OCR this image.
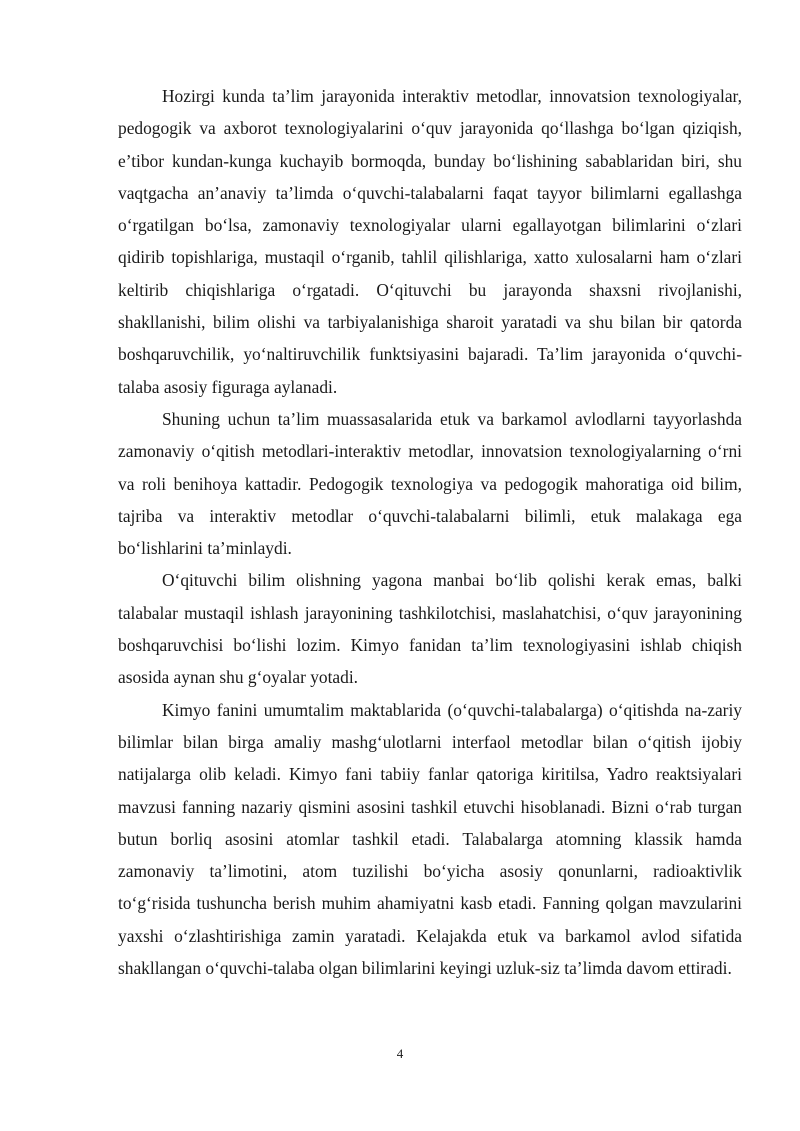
Hozirgi kunda ta’lim jarayonida interaktiv metodlar, innovatsion texnologiyalar, pedogogik va axborot texnologiyalarini o‘quv jarayonida qo‘llashga bo‘lgan qiziqish, e’tibor kundan-kunga kuchayib bormoqda, bunday bo‘lishining sabablaridan biri, shu vaqtgacha an’anaviy ta’limda o‘quvchi-talabalarni faqat tayyor bilimlarni egallashga o‘rgatilgan bo‘lsa, zamonaviy texnologiyalar ularni egallayotgan bilimlarini o‘zlari qidirib topishlariga, mustaqil o‘rganib, tahlil qilishlariga, xatto xulosalarni ham o‘zlari keltirib chiqishlariga o‘rgatadi. O‘qituvchi bu jarayonda shaxsni rivojlanishi, shakllanishi, bilim olishi va tarbiyalanishiga sharoit yaratadi va shu bilan bir qatorda boshqaruvchilik, yo‘naltiruvchilik funktsiyasini bajaradi. Ta’lim jarayonida o‘quvchi-talaba asosiy figuraga aylanadi.

Shuning uchun ta’lim muassasalarida etuk va barkamol avlodlarni tayyorlashda zamonaviy o‘qitish metodlari-interaktiv metodlar, innovatsion texnologiyalarning o‘rni va roli benihoya kattadir. Pedogogik texnologiya va pedogogik mahoratiga oid bilim, tajriba va interaktiv metodlar o‘quvchi-talabalarni bilimli, etuk malakaga ega bo‘lishlarini ta’minlaydi.

O‘qituvchi bilim olishning yagona manbai bo‘lib qolishi kerak emas, balki talabalar mustaqil ishlash jarayonining tashkilotchisi, maslahatchisi, o‘quv jarayonining boshqaruvchisi bo‘lishi lozim. Kimyo fanidan ta’lim texnologiyasini ishlab chiqish asosida aynan shu g‘oyalar yotadi.

Kimyo fanini umumtalim maktablarida (o‘quvchi-talabalarga) o‘qitishda na-zariy bilimlar bilan birga amaliy mashg‘ulotlarni interfaol metodlar bilan o‘qitish ijobiy natijalarga olib keladi. Kimyo fani tabiiy fanlar qatoriga kiritilsa, Yadro reaktsiyalari mavzusi fanning nazariy qismini asosini tashkil etuvchi hisoblanadi. Bizni o‘rab turgan butun borliq asosini atomlar tashkil etadi. Talabalarga atomning klassik hamda zamonaviy ta’limotini, atom tuzilishi bo‘yicha asosiy qonunlarni, radioaktivlik to‘g‘risida tushuncha berish muhim ahamiyatni kasb etadi. Fanning qolgan mavzularini yaxshi o‘zlashtirishiga zamin yaratadi. Kelajakda etuk va barkamol avlod sifatida shakllangan o‘quvchi-talaba olgan bilimlarini keyingi uzluk-siz ta’limda davom ettiradi.

4
